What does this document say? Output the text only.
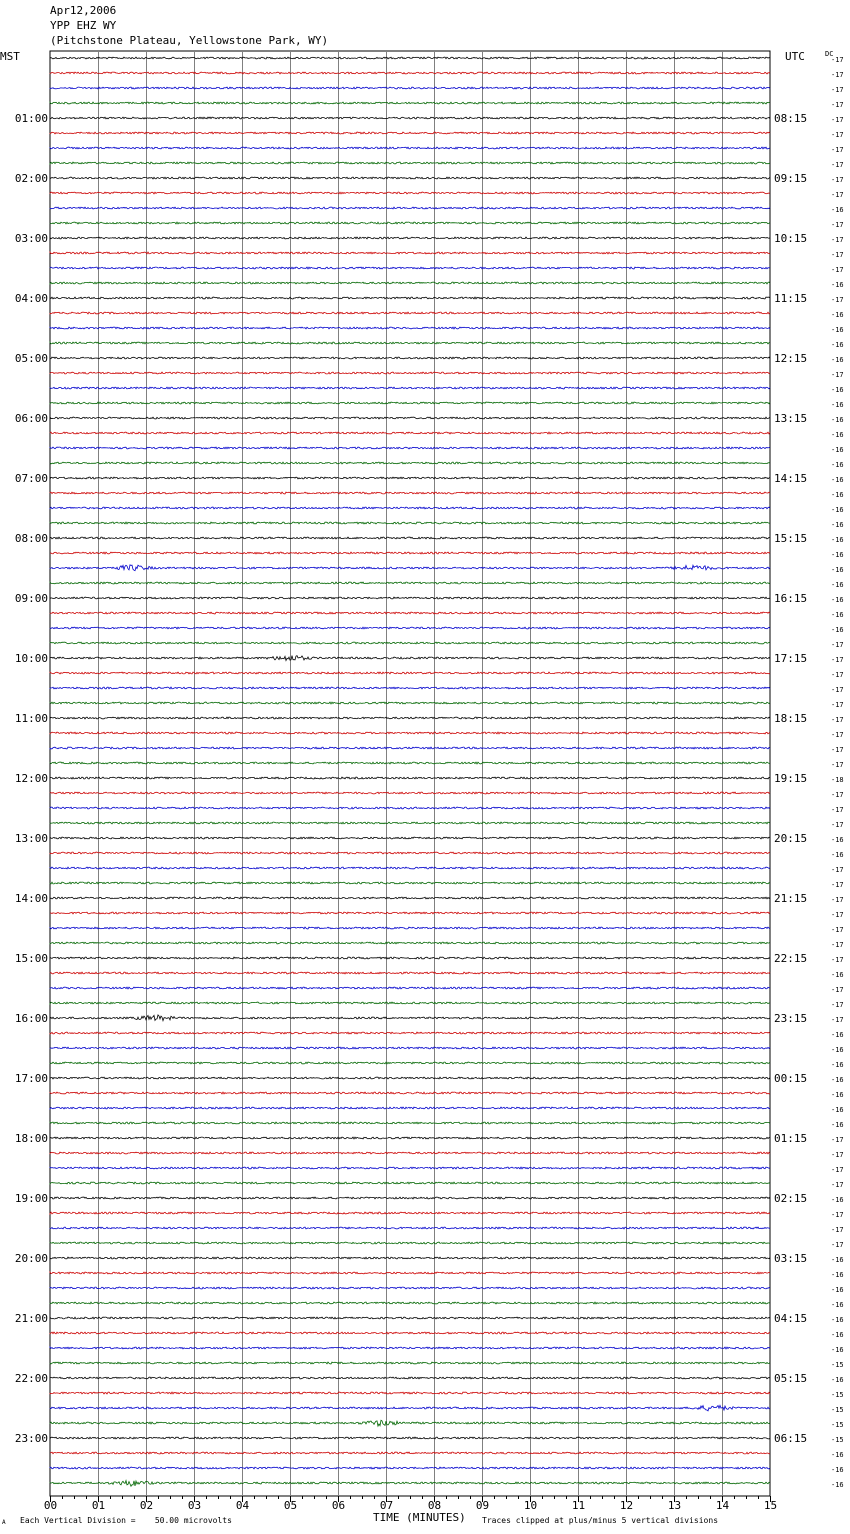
Apr12,2006
YPP EHZ WY
(Pitchstone Plateau, Yellowstone Park, WY)
MST	UTC	DC
-17
-17
-17
-17
-17
01:00	08:15
-17
-17
-17
-17
02:00	09:15
-17
-16
-17
-17
03:00	10:15
-17
-17
-16
-17
04:00	11:15
-16
-16
-16
-16
05:00	12:15
-17
-16
-16
-16
06:00	13:15
-16
-16
-16
-16
07:00	14:15
-16
-16
-16
-16
08:00	15:15
-16
-16
-16
-16
09:00	16:15
-16
-16
-17
-17
10:00	17:15
-17
-17
-17
-17
11:00	18:15
-17
-17
-17
-18
12:00	19:15
-17
-17
-17
-16
13:00	20:15
-16
-17
-17
-17
14:00	21:15
-17
-17
-17
-17
15:00	22:15
-16
-17
-17
-17
16:00	23:15
-16
-16
-16
-16
17:00	00:15
-16
-16
-16
-17
18:00	01:15
-17
-17
-17
-16
19:00	02:15
-17
-17
-17
-16
20:00	03:15
-16
-16
-16
-16
21:00	04:15
-16
-16
-15
-16
22:00	05:15
-15
-15
-15
-15
23:00	06:15
-16
-16
-16
00	01	02	03	04	05	06	07	08	09	10	11	12	13	14	15
Each Vertical Division =    50.00 microvolts	TIME (MINUTES) Traces clipped at plus/minus 5 vertical divisions
A
